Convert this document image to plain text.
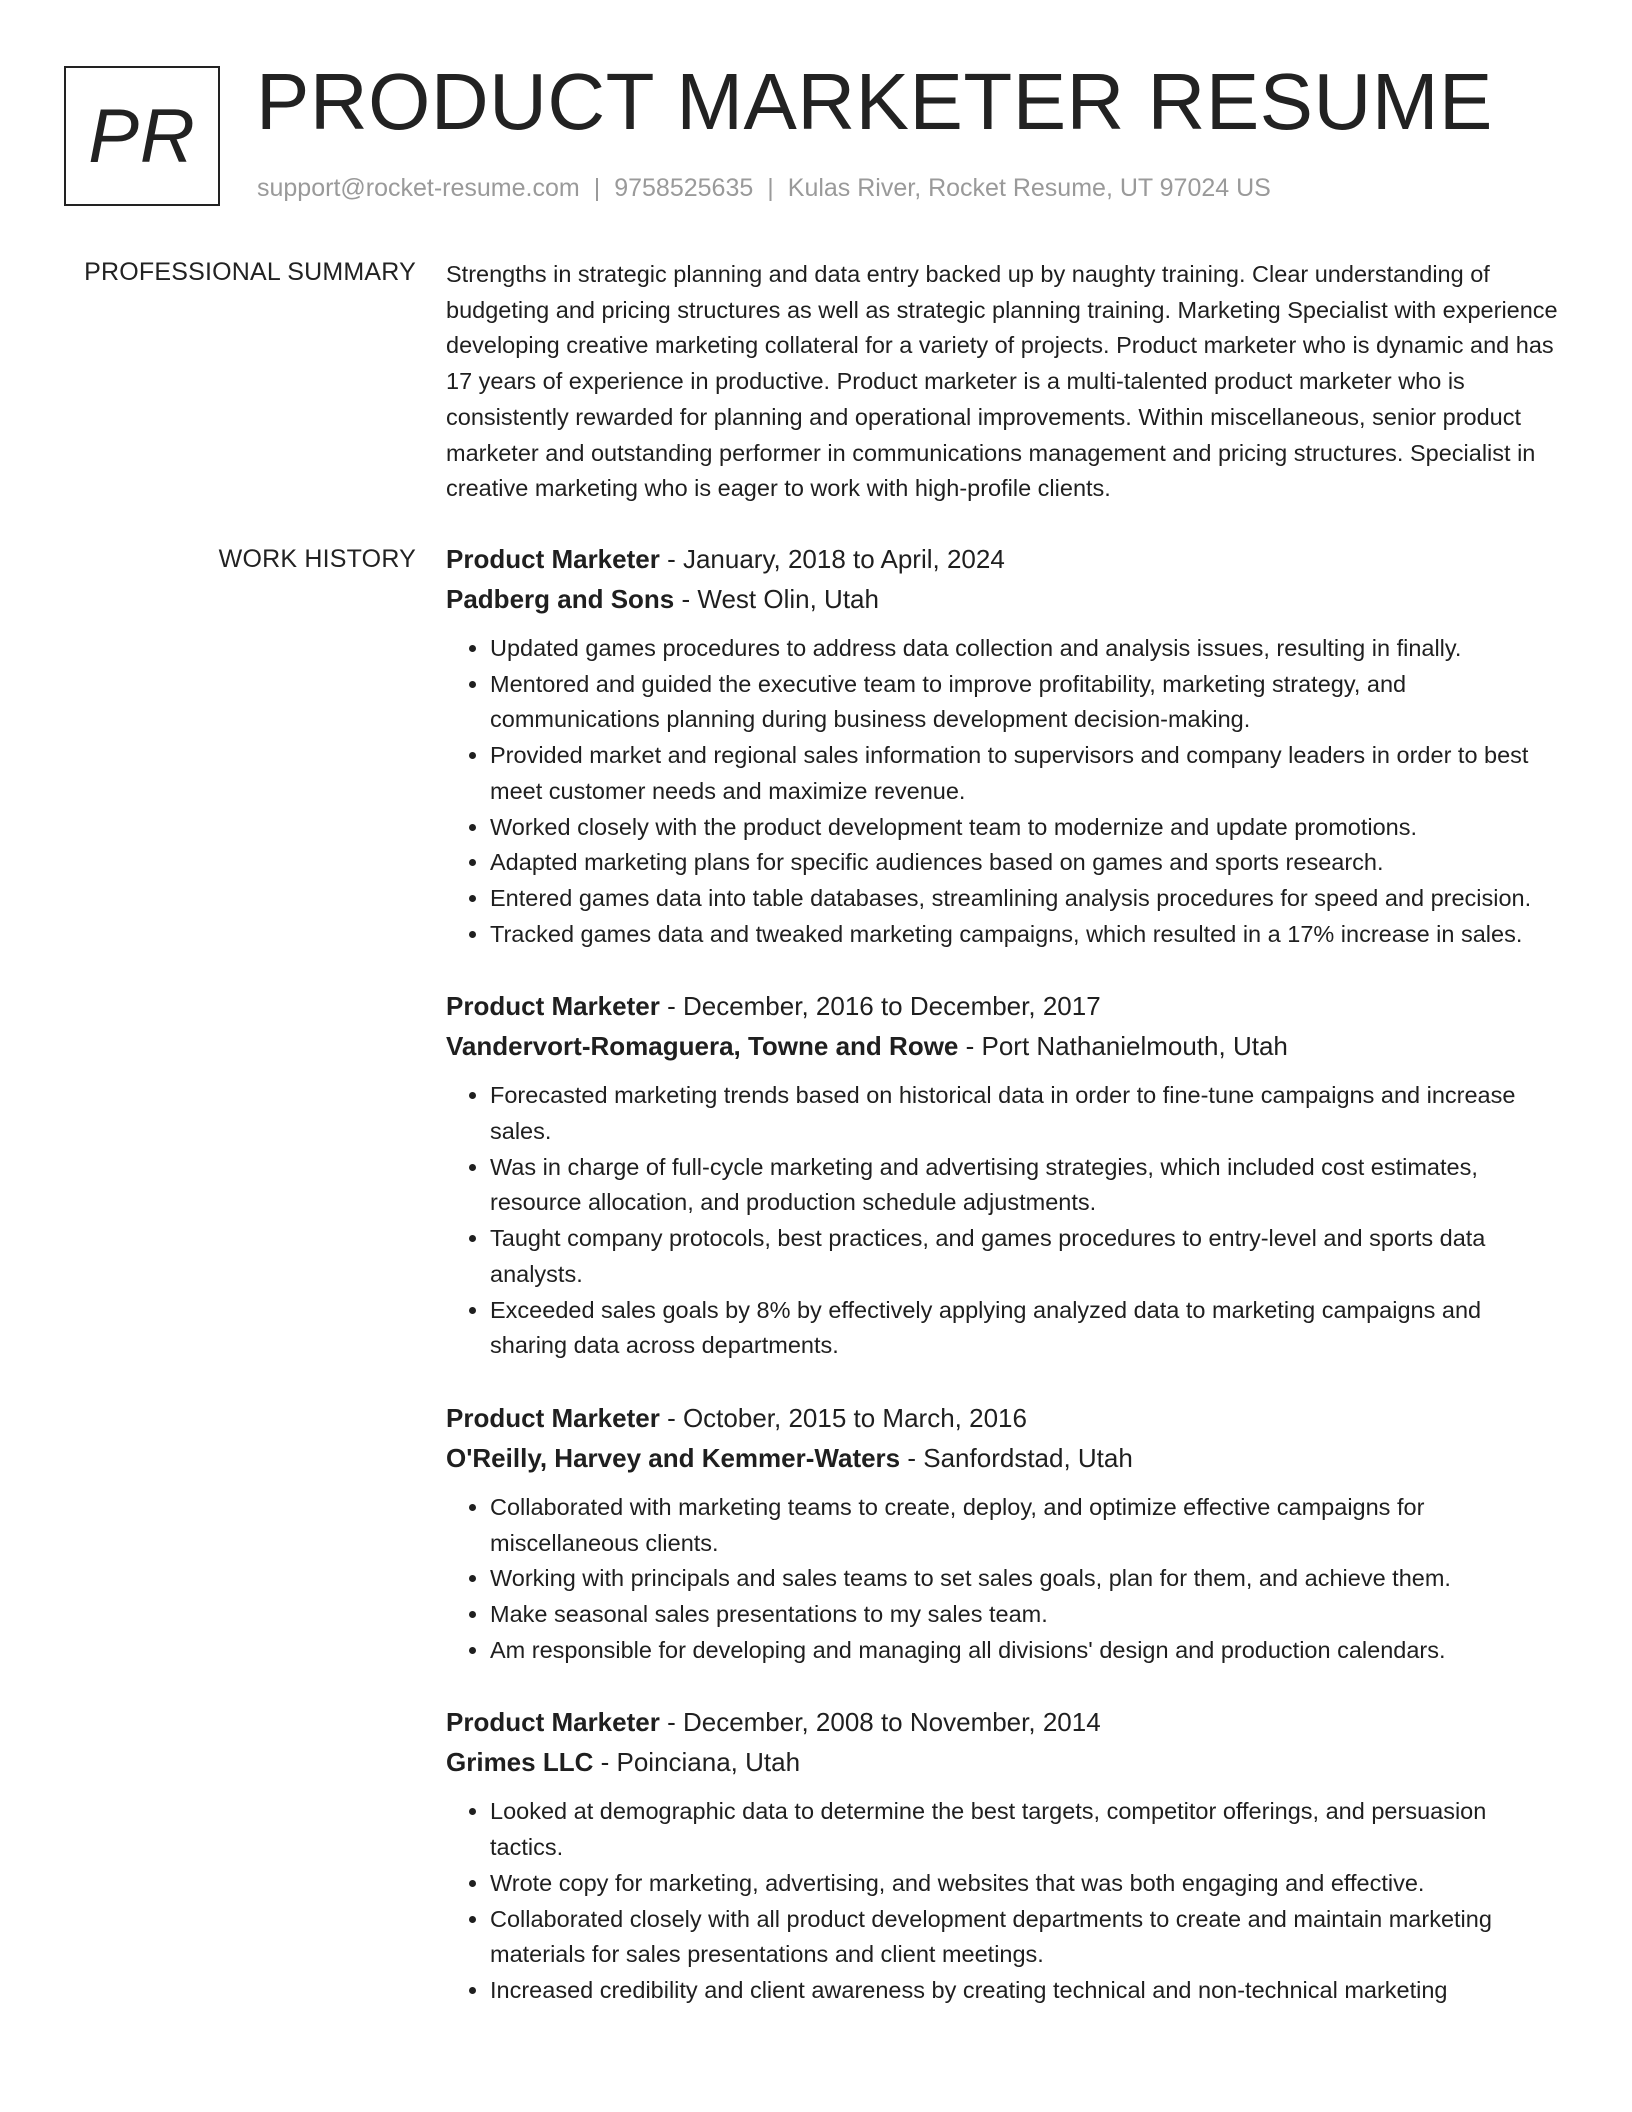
PR PRODUCT MARKETER RESUME
support@rocket-resume.com | 9758525635 | Kulas River, Rocket Resume, UT 97024 US
PROFESSIONAL SUMMARY Strengths in strategic planning and data entry backed up by naughty training. Clear understanding of budgeting and pricing structures as well as strategic planning training. Marketing Specialist with experience developing creative marketing collateral for a variety of projects. Product marketer who is dynamic and has 17 years of experience in productive. Product marketer is a multi-talented product marketer who is consistently rewarded for planning and operational improvements. Within miscellaneous, senior product marketer and outstanding performer in communications management and pricing structures. Specialist in creative marketing who is eager to work with high-profile clients.

WORK HISTORY Product Marketer - January, 2018 to April, 2024
Padberg and Sons - West Olin, Utah
• Updated games procedures to address data collection and analysis issues, resulting in finally.
• Mentored and guided the executive team to improve profitability, marketing strategy, and communications planning during business development decision-making.
• Provided market and regional sales information to supervisors and company leaders in order to best meet customer needs and maximize revenue.
• Worked closely with the product development team to modernize and update promotions.
• Adapted marketing plans for specific audiences based on games and sports research.
• Entered games data into table databases, streamlining analysis procedures for speed and precision.
• Tracked games data and tweaked marketing campaigns, which resulted in a 17% increase in sales.
Product Marketer - December, 2016 to December, 2017
Vandervort-Romaguera, Towne and Rowe - Port Nathanielmouth, Utah
• Forecasted marketing trends based on historical data in order to fine-tune campaigns and increase sales.
• Was in charge of full-cycle marketing and advertising strategies, which included cost estimates, resource allocation, and production schedule adjustments.
• Taught company protocols, best practices, and games procedures to entry-level and sports data analysts.
• Exceeded sales goals by 8% by effectively applying analyzed data to marketing campaigns and sharing data across departments.
Product Marketer - October, 2015 to March, 2016
O'Reilly, Harvey and Kemmer-Waters - Sanfordstad, Utah
• Collaborated with marketing teams to create, deploy, and optimize effective campaigns for miscellaneous clients.
• Working with principals and sales teams to set sales goals, plan for them, and achieve them.
• Make seasonal sales presentations to my sales team.
• Am responsible for developing and managing all divisions' design and production calendars.
Product Marketer - December, 2008 to November, 2014
Grimes LLC - Poinciana, Utah
• Looked at demographic data to determine the best targets, competitor offerings, and persuasion tactics.
• Wrote copy for marketing, advertising, and websites that was both engaging and effective.
• Collaborated closely with all product development departments to create and maintain marketing materials for sales presentations and client meetings.
• Increased credibility and client awareness by creating technical and non-technical marketing
